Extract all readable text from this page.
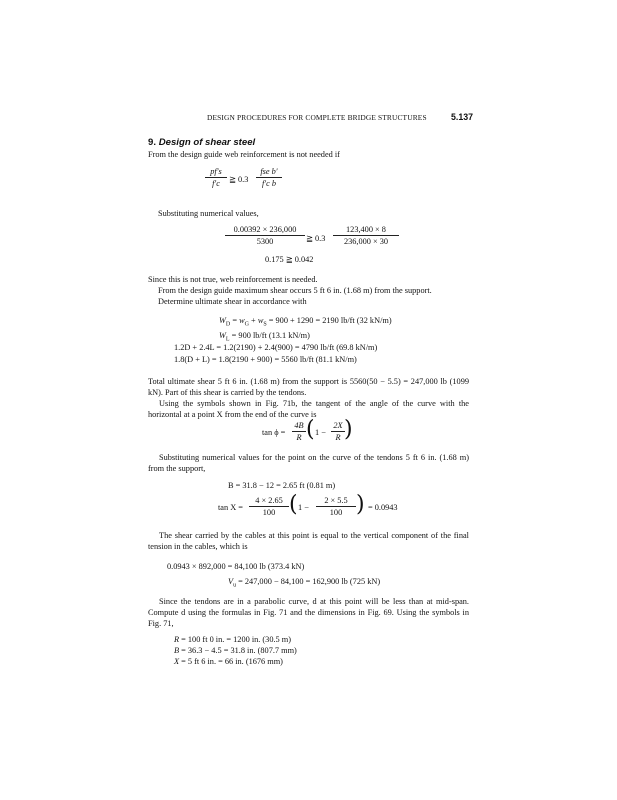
DESIGN PROCEDURES FOR COMPLETE BRIDGE STRUCTURES	5.137
9. Design of shear steel
From the design guide web reinforcement is not needed if
$\frac{pf's}{f'c}$ ≧ 0.3
fse b′
f′c b
Substituting numerical values,
$\frac{0.00392 \times 236,000}{5300}$ ≧ $0.3 \frac{123,400 \times 8}{236,000 \times 30}$
0.175 ≧ 0.042
Since this is not true, web reinforcement is needed.
From the design guide maximum shear occurs 5 ft 6 in. (1.68 m) from the support.
Determine ultimate shear in accordance with
$W_D = w_G + w_S = 900 + 1290 = 2190$ lb/ft (32 kN/m)
$W_L = 900$ lb/ft (13.1 kN/m)
1.2D + 2.4L = 1.2(2190) + 2.4(900) = 4790 lb/ft (69.8 kN/m)
1.8(D + L) = 1.8(2190 + 900) = 5560 lb/ft (81.1 kN/m)
Total ultimate shear 5 ft 6 in. (1.68 m) from the support is 5560(50 − 5.5) = 247,000 lb (1099 kN). Part of this shear is carried by the tendons.
Using the symbols shown in Fig. 71b, the tangent of the angle of the curve with the horizontal at a point X from the end of the curve is
$\tan \phi = \frac{4B}{R}$ ( $1 - \frac{2X}{R}$ )
Substituting numerical values for the point on the curve of the tendons 5 ft 6 in. (1.68 m) from the support,
B = 31.8 − 12 = 2.65 ft (0.81 m)
$\tan X = \frac{4 \times 2.65}{100}$ ( $1 - \frac{2 \times 5.5}{100}$ ) = 0.0943
The shear carried by the cables at this point is equal to the vertical component of the final tension in the cables, which is
0.0943 × 892,000 = 84,100 lb (373.4 kN)
$V_u = 247,000 - 84,100 = 162,900$ lb (725 kN)
Since the tendons are in a parabolic curve, d at this point will be less than at mid-span. Compute d using the formulas in Fig. 71 and the dimensions in Fig. 69. Using the symbols in Fig. 71,
R = 100 ft 0 in. = 1200 in. (30.5 m)
B = 36.3 − 4.5 = 31.8 in. (807.7 mm)
X = 5 ft 6 in. = 66 in. (1676 mm)
